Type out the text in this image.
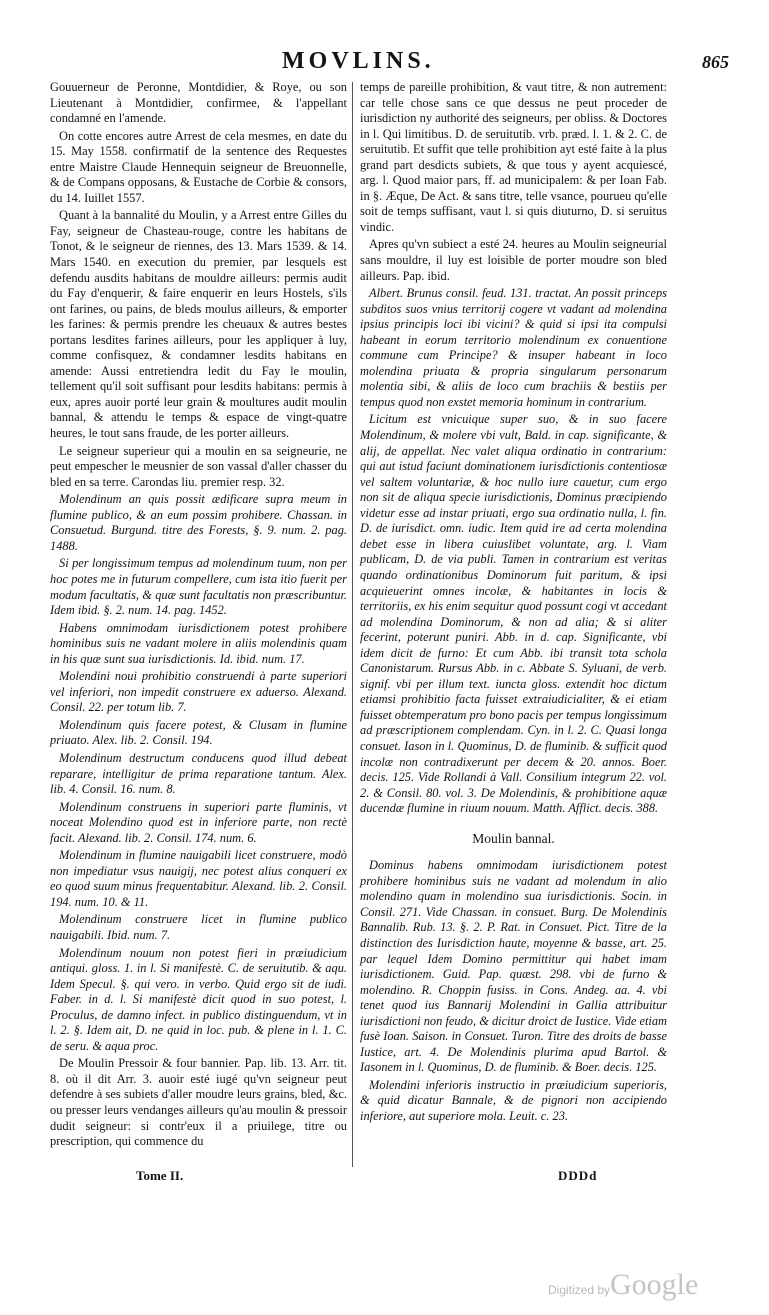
MOVLINS.	865

Gouuerneur de Peronne, Montdidier, & Roye, ou son Lieutenant à Montdidier, confirmee, & l'appellant condamné en l'amende.

On cotte encores autre Arrest de cela mesmes, en date du 15. May 1558. confirmatif de la sentence des Requestes entre Maistre Claude Hennequin seigneur de Breuonnelle, & de Compans opposans, & Eustache de Corbie & consors, du 14. Iuillet 1557.

Quant à la bannalité du Moulin, y a Arrest entre Gilles du Fay, seigneur de Chasteau-rouge, contre les habitans de Tonot, & le seigneur de riennes, des 13. Mars 1539. & 14. Mars 1540. en execution du premier, par lesquels est defendu ausdits habitans de mouldre ailleurs: permis audit du Fay d'enquerir, & faire enquerir en leurs Hostels, s'ils ont farines, ou pains, de bleds moulus ailleurs, & emporter les farines: & permis prendre les cheuaux & autres bestes portans lesdites farines ailleurs, pour les appliquer à luy, comme confisquez, & condamner lesdits habitans en amende: Aussi entretiendra ledit du Fay le moulin, tellement qu'il soit suffisant pour lesdits habitans: permis à eux, apres auoir porté leur grain & moultures audit moulin bannal, & attendu le temps & espace de vingt-quatre heures, le tout sans fraude, de les porter ailleurs.

Le seigneur superieur qui a moulin en sa seigneurie, ne peut empescher le meusnier de son vassal d'aller chasser du bled en sa terre. Carondas liu. premier resp. 32.

Molendinum an quis possit ædificare supra meum in flumine publico, & an eum possim prohibere. Chassan. in Consuetud. Burgund. titre des Forests, §. 9. num. 2. pag. 1488.

Si per longissimum tempus ad molendinum tuum, non per hoc potes me in futurum compellere, cum ista itio fuerit per modum facultatis, & quæ sunt facultatis non præscribuntur. Idem ibid. §. 2. num. 14. pag. 1452.

Habens omnimodam iurisdictionem potest prohibere hominibus suis ne vadant molere in aliis molendinis quam in his quæ sunt sua iurisdictionis. Id. ibid. num. 17.

Molendini noui prohibitio construendi à parte superiori vel inferiori, non impedit construere ex aduerso. Alexand. Consil. 22. per totum lib. 7.

Molendinum quis facere potest, & Clusam in flumine priuato. Alex. lib. 2. Consil. 194.

Molendinum destructum conducens quod illud debeat reparare, intelligitur de prima reparatione tantum. Alex. lib. 4. Consil. 16. num. 8.

Molendinum construens in superiori parte fluminis, vt noceat Molendino quod est in inferiore parte, non rectè facit. Alexand. lib. 2. Consil. 174. num. 6.

Molendinum in flumine nauigabili licet construere, modò non impediatur vsus nauigij, nec potest alius conqueri ex eo quod suum minus frequentabitur. Alexand. lib. 2. Consil. 194. num. 10. & 11.

Molendinum construere licet in flumine publico nauigabili. Ibid. num. 7.

Molendinum nouum non potest fieri in præiudicium antiqui. gloss. 1. in l. Si manifestè. C. de seruitutib. & aqu. Idem Specul. §. qui vero. in verbo. Quid ergo sit de iudi. Faber. in d. l. Si manifestè dicit quod in suo potest, l. Proculus, de damno infect. in publico distinguendum, vt in l. 2. §. Idem ait, D. ne quid in loc. pub. & plene in l. 1. C. de seru. & aqua proc.

De Moulin Pressoir & four bannier. Pap. lib. 13. Arr. tit. 8. où il dit Arr. 3. auoir esté iugé qu'vn seigneur peut defendre à ses subiets d'aller moudre leurs grains, bled, &c. ou presser leurs vendanges ailleurs qu'au moulin & pressoir dudit seigneur: si contr'eux il a priuilege, titre ou prescription, qui commence du

temps de pareille prohibition, & vaut titre, & non autrement: car telle chose sans ce que dessus ne peut proceder de iurisdiction ny authorité des seigneurs, per obliss. & Doctores in l. Qui limitibus. D. de seruitutib. vrb. præd. l. 1. & 2. C. de seruitutib. Et suffit que telle prohibition ayt esté faite à la plus grand part desdicts subiets, & que tous y ayent acquiescé, arg. l. Quod maior pars, ff. ad municipalem: & per Ioan Fab. in §. Æque, De Act. & sans titre, telle vsance, pourueu qu'elle soit de temps suffisant, vaut l. si quis diuturno, D. si seruitus vindic.

Apres qu'vn subiect a esté 24. heures au Moulin seigneurial sans mouldre, il luy est loisible de porter moudre son bled ailleurs. Pap. ibid.

Albert. Brunus consil. feud. 131. tractat. An possit princeps subditos suos vnius territorij cogere vt vadant ad molendina ipsius principis loci ibi vicini? & quid si ipsi ita compulsi habeant in eorum territorio molendinum ex conuentione commune cum Principe? & insuper habeant in loco molendina priuata & propria singularum personarum molentia sibi, & aliis de loco cum brachiis & bestiis per tempus quod non exstet memoria hominum in contrarium.

Licitum est vnicuique super suo, & in suo facere Molendinum, & molere vbi vult, Bald. in cap. significante, & alij, de appellat. Nec valet aliqua ordinatio in contrarium: qui aut istud faciunt dominationem iurisdictionis contentiosæ vel saltem voluntariæ, & hoc nullo iure cauetur, cum ergo non sit de aliqua specie iurisdictionis, Dominus præcipiendo videtur esse ad instar priuati, ergo sua ordinatio nulla, l. fin. D. de iurisdict. omn. iudic. Item quid ire ad certa molendina debet esse in libera cuiuslibet voluntate, arg. l. Viam publicam, D. de via publi. Tamen in contrarium est veritas quando ordinationibus Dominorum fuit paritum, & ipsi acquieuerint omnes incolæ, & habitantes in locis & territoriis, ex his enim sequitur quod possunt cogi vt accedant ad molendina Dominorum, & non ad alia; & si aliter fecerint, poterunt puniri. Abb. in d. cap. Significante, vbi idem dicit de furno: Et cum Abb. ibi transit tota schola Canonistarum. Rursus Abb. in c. Abbate S. Syluani, de verb. signif. vbi per illum text. iuncta gloss. extendit hoc dictum etiamsi prohibitio facta fuisset extraiudicialiter, & ei etiam fuisset obtemperatum pro bono pacis per tempus longissimum ad præscriptionem complendam. Cyn. in l. 2. C. Quasi longa consuet. Iason in l. Quominus, D. de fluminib. & sufficit quod incolæ non contradixerunt per decem & 20. annos. Boer. decis. 125. Vide Rollandi à Vall. Consilium integrum 22. vol. 2. & Consil. 80. vol. 3. De Molendinis, & prohibitione aquæ ducendæ flumine in riuum nouum. Matth. Afflict. decis. 388.

Moulin bannal.

Dominus habens omnimodam iurisdictionem potest prohibere hominibus suis ne vadant ad molendum in alio molendino quam in molendino sua iurisdictionis. Socin. in Consil. 271. Vide Chassan. in consuet. Burg. De Molendinis Bannalib. Rub. 13. §. 2. P. Rat. in Consuet. Pict. Titre de la distinction des Iurisdiction haute, moyenne & basse, art. 25. par lequel Idem Domino permittitur qui habet imam iurisdictionem. Guid. Pap. quæst. 298. vbi de furno & molendino. R. Choppin fusiss. in Cons. Andeg. aa. 4. vbi tenet quod ius Bannarij Molendini in Gallia attribuitur iurisdictioni non feudo, & dicitur droict de Iustice. Vide etiam fusè Ioan. Saison. in Consuet. Turon. Titre des droits de basse Iustice, art. 4. De Molendinis plurima apud Bartol. & Iasonem in l. Quominus, D. de fluminib. & Boer. decis. 125.

Molendini inferioris instructio in præiudicium superioris, & quid dicatur Bannale, & de pignori non accipiendo inferiore, aut superiore mola. Leuit. c. 23.

Tome II.	DDDd
Digitized by Google
